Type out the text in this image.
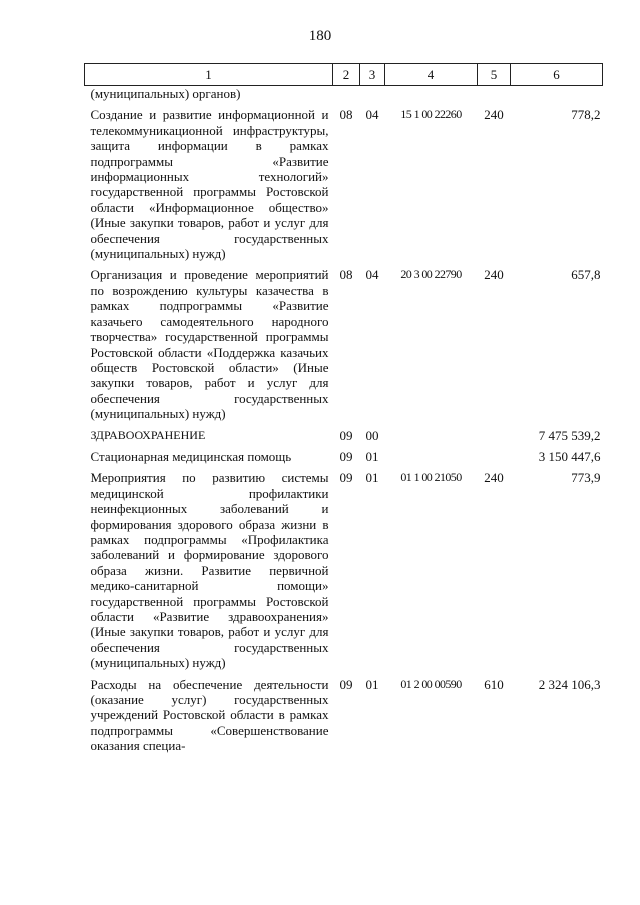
180
1	2	3	4	5	6
(муниципальных) органов)					
Создание и развитие информационной и телекоммуникационной инфраструктуры, защита информации в рамках подпрограммы «Развитие информационных технологий» государственной программы Ростовской области «Информационное общество» (Иные закупки товаров, работ и услуг для обеспечения государственных (муниципальных) нужд)	08	04	15 1 00 22260	240	778,2
Организация и проведение мероприятий по возрождению культуры казачества в рамках подпрограммы «Развитие казачьего самодеятельного народного творчества» государственной программы Ростовской области «Поддержка казачьих обществ Ростовской области» (Иные закупки товаров, работ и услуг для обеспечения государственных (муниципальных) нужд)	08	04	20 3 00 22790	240	657,8
ЗДРАВООХРАНЕНИЕ	09	00			7 475 539,2
Стационарная медицинская помощь	09	01			3 150 447,6
Мероприятия по развитию системы медицинской профилактики неинфекционных заболеваний и формирования здорового образа жизни в рамках подпрограммы «Профилактика заболеваний и формирование здорового образа жизни. Развитие первичной медико-санитарной помощи» государственной программы Ростовской области «Развитие здравоохранения» (Иные закупки товаров, работ и услуг для обеспечения государственных (муниципальных) нужд)	09	01	01 1 00 21050	240	773,9
Расходы на обеспечение деятельности (оказание услуг) государственных учреждений Ростовской области в рамках подпрограммы «Совершенствование оказания специа-	09	01	01 2 00 00590	610	2 324 106,3
